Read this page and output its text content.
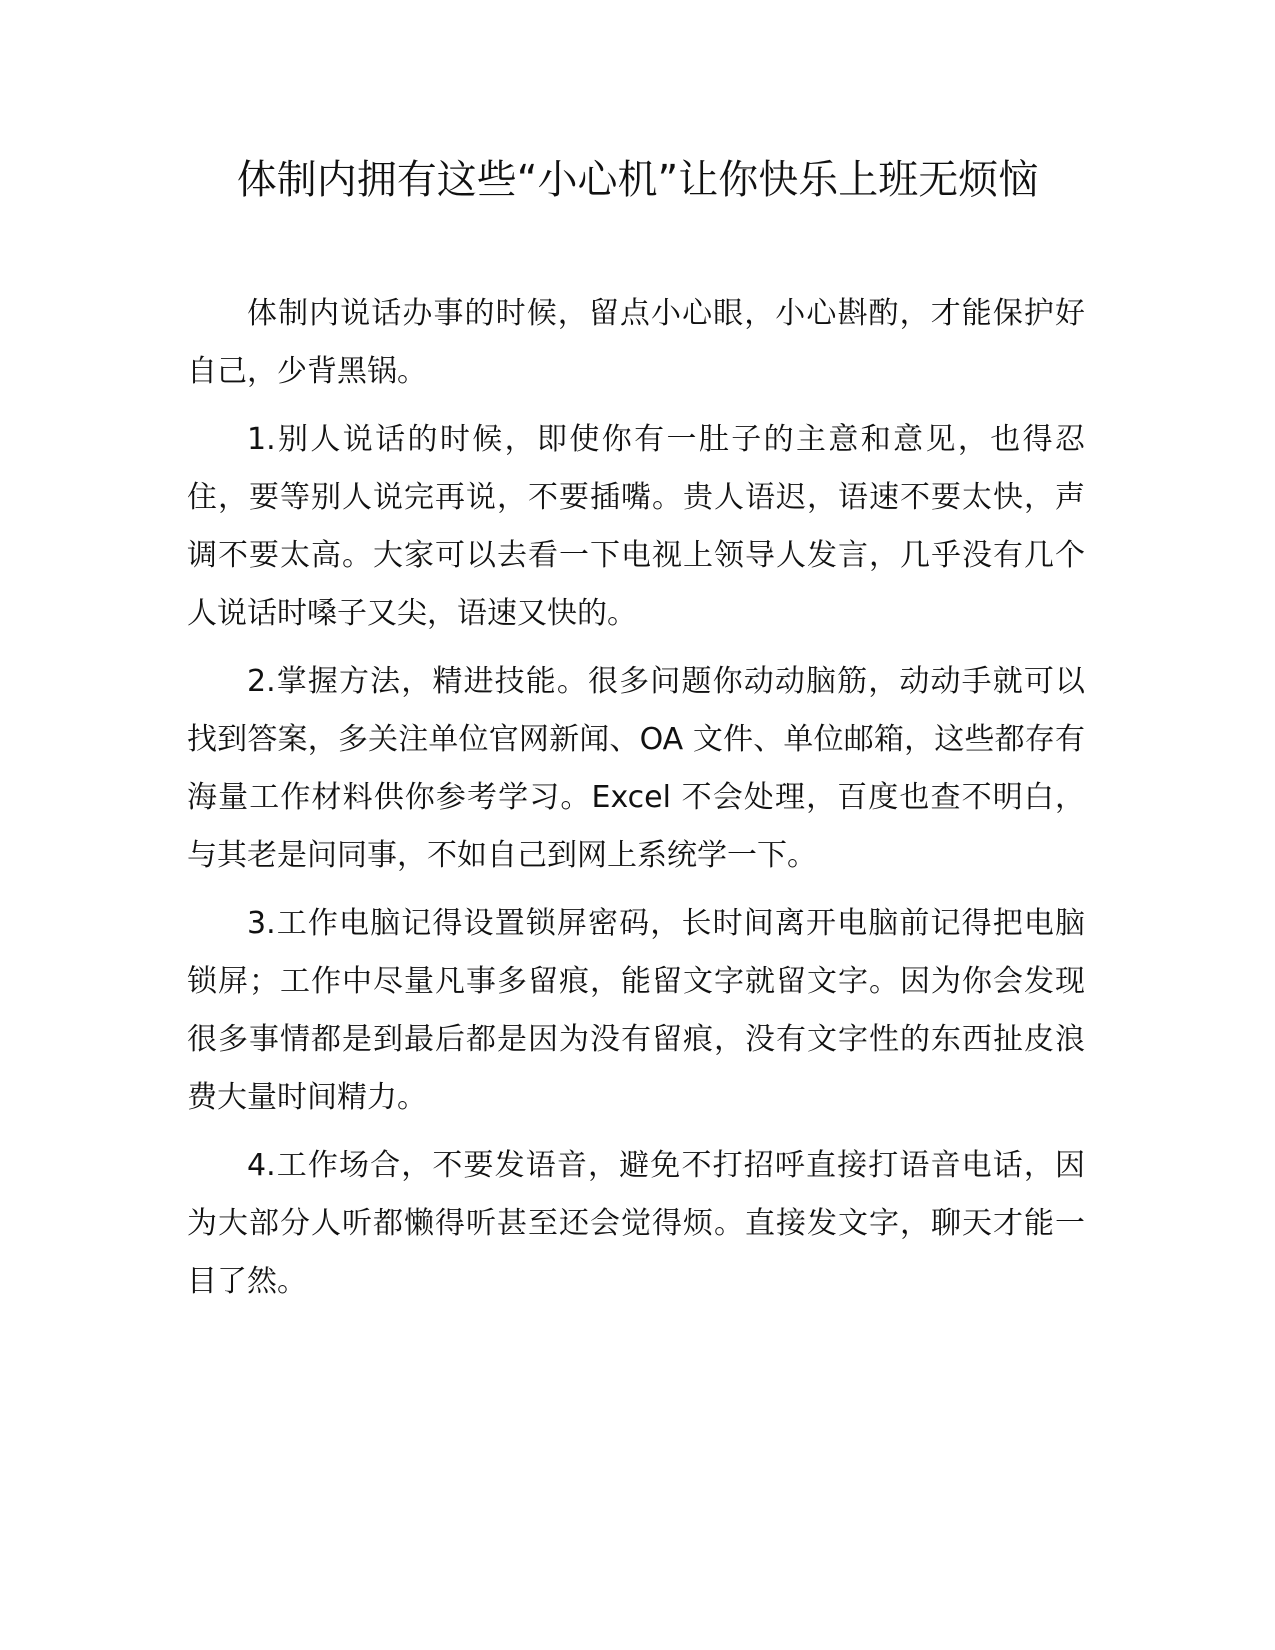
体制内拥有这些“小心机”让你快乐上班无烦恼

体制内说话办事的时候，留点小心眼，小心斟酌，才能保护好自己，少背黑锅。

1.别人说话的时候，即使你有一肚子的主意和意见，也得忍住，要等别人说完再说，不要插嘴。贵人语迟，语速不要太快，声调不要太高。大家可以去看一下电视上领导人发言，几乎没有几个人说话时嗓子又尖，语速又快的。

2.掌握方法，精进技能。很多问题你动动脑筋，动动手就可以找到答案，多关注单位官网新闻、OA 文件、单位邮箱，这些都存有海量工作材料供你参考学习。Excel 不会处理，百度也查不明白，与其老是问同事，不如自己到网上系统学一下。

3.工作电脑记得设置锁屏密码，长时间离开电脑前记得把电脑锁屏；工作中尽量凡事多留痕，能留文字就留文字。因为你会发现很多事情都是到最后都是因为没有留痕，没有文字性的东西扯皮浪费大量时间精力。

4.工作场合，不要发语音，避免不打招呼直接打语音电话，因为大部分人听都懒得听甚至还会觉得烦。直接发文字，聊天才能一目了然。
